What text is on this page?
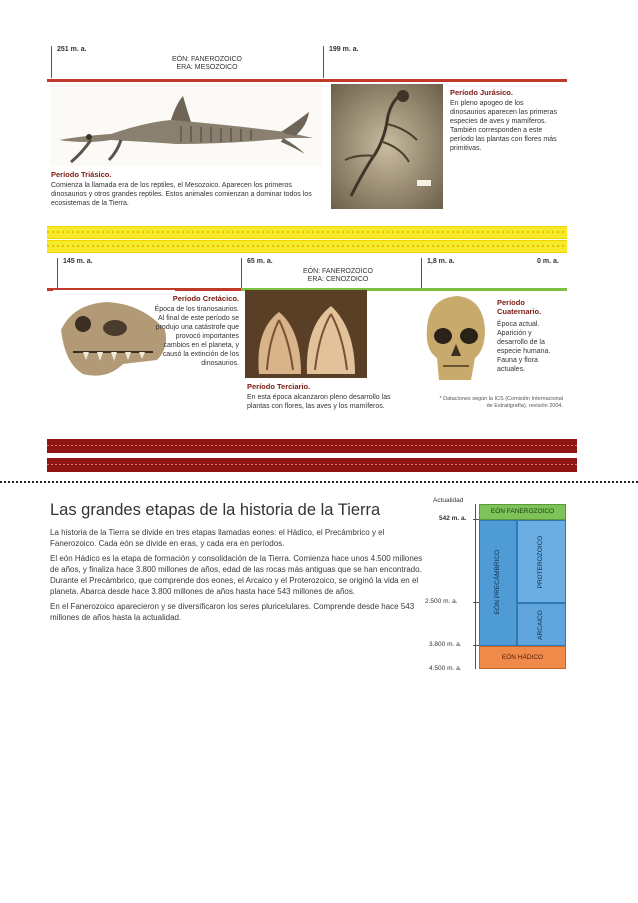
251 m. a.	199 m. a.
EÓN: FANEROZOICO
ERA: MESOZOICO
Período Triásico.
Comienza la llamada era de los reptiles, el Mesozoico. Aparecen los primeros dinosaurios y otros grandes reptiles. Estos animales comienzan a dominar todos los ecosistemas de la Tierra.
Período Jurásico.
En pleno apogeo de los dinosaurios aparecen las primeras especies de aves y mamíferos. También corresponden a este período las plantas con flores más primitivas.
145 m. a.	65 m. a.
EÓN: FANEROZOICO
ERA: CENOZOICO
1,8 m. a.	0 m. a.
Período Cretácico.
Época de los tiranosaurios. Al final de este período se produjo una catástrofe que provocó importantes cambios en el planeta, y causó la extinción de los dinosaurios.
Período Terciario.
En esta época alcanzaron pleno desarrollo las plantas con flores, las aves y los mamíferos.
Período Cuaternario.
Época actual. Aparición y desarrollo de la especie humana. Fauna y flora actuales.
* Dataciones según la ICS (Comisión Internacional de Estratigrafía), revisión 2004.
Las grandes etapas de la historia de la Tierra

La historia de la Tierra se divide en tres etapas llamadas eones: el Hádico, el Precámbrico y el Fanerozoico. Cada eón se divide en eras, y cada era en períodos.

El eón Hádico es la etapa de formación y consolidación de la Tierra. Comienza hace unos 4.500 millones de años, y finaliza hace 3.800 millones de años, edad de las rocas más antiguas que se han encontrado. Durante el Precámbrico, que comprende dos eones, el Arcaico y el Proterozoico, se originó la vida en el planeta. Abarca desde hace 3.800 millones de años hasta hace 543 millones de años.

En el Fanerozoico aparecieron y se diversificaron los seres pluricelulares. Comprende desde hace 543 millones de años hasta la actualidad.

Actualidad
542 m. a.
2.500 m. a.
3.800 m. a.
4.500 m. a.
EÓN FANEROZOICO
EÓN PRECÁMBRICO	PROTEROZOICO
ARCAICO
EÓN HÁDICO
